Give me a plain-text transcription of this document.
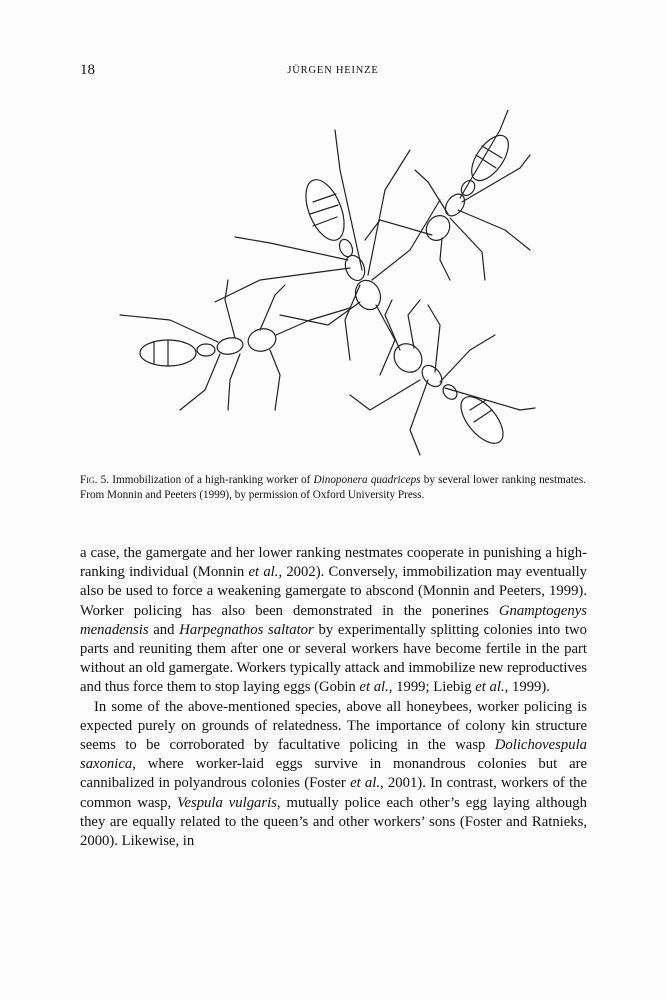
18	JÜRGEN HEINZE
Fig. 5. Immobilization of a high-ranking worker of Dinoponera quadriceps by several lower ranking nestmates. From Monnin and Peeters (1999), by permission of Oxford University Press.

a case, the gamergate and her lower ranking nestmates cooperate in punishing a high-ranking individual (Monnin et al., 2002). Conversely, immobilization may eventually also be used to force a weakening gamergate to abscond (Monnin and Peeters, 1999). Worker policing has also been demonstrated in the ponerines Gnamptogenys menadensis and Harpegnathos saltator by experimentally splitting colonies into two parts and reuniting them after one or several workers have become fertile in the part without an old gamergate. Workers typically attack and immobilize new reproductives and thus force them to stop laying eggs (Gobin et al., 1999; Liebig et al., 1999).

In some of the above-mentioned species, above all honeybees, worker policing is expected purely on grounds of relatedness. The importance of colony kin structure seems to be corroborated by facultative policing in the wasp Dolichovespula saxonica, where worker-laid eggs survive in monandrous colonies but are cannibalized in polyandrous colonies (Foster et al., 2001). In contrast, workers of the common wasp, Vespula vulgaris, mutually police each other’s egg laying although they are equally related to the queen’s and other workers’ sons (Foster and Ratnieks, 2000). Likewise, in
